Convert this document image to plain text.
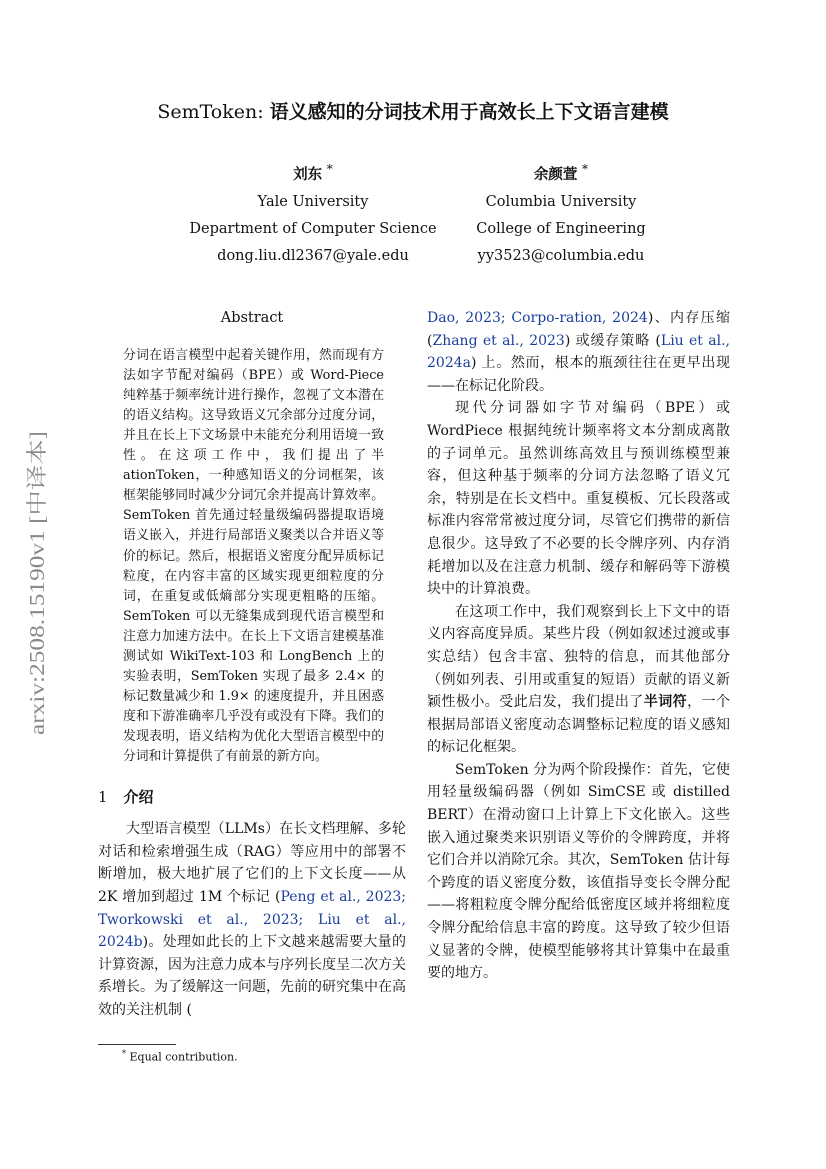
arxiv:2508.15190v1 [中译本]
SemToken: 语义感知的分词技术用于高效长上下文语言建模
刘东 *
Yale University
Department of Computer Science
dong.liu.dl2367@yale.edu
余颜萱 *
Columbia University
College of Engineering
yy3523@columbia.edu
Abstract
分词在语言模型中起着关键作用，然而现有方法如字节配对编码（BPE）或 Word-Piece 纯粹基于频率统计进行操作，忽视了文本潜在的语义结构。这导致语义冗余部分过度分词，并且在长上下文场景中未能充分利用语境一致性。在这项工作中，我们提出了半 ationToken，一种感知语义的分词框架，该框架能够同时减少分词冗余并提高计算效率。SemToken 首先通过轻量级编码器提取语境语义嵌入，并进行局部语义聚类以合并语义等价的标记。然后，根据语义密度分配异质标记粒度，在内容丰富的区域实现更细粒度的分词，在重复或低熵部分实现更粗略的压缩。SemToken 可以无缝集成到现代语言模型和注意力加速方法中。在长上下文语言建模基准测试如 WikiText-103 和 LongBench 上的实验表明，SemToken 实现了最多 2.4× 的标记数量减少和 1.9× 的速度提升，并且困惑度和下游准确率几乎没有或没有下降。我们的发现表明，语义结构为优化大型语言模型中的分词和计算提供了有前景的新方向。
1 介绍

大型语言模型（LLMs）在长文档理解、多轮对话和检索增强生成（RAG）等应用中的部署不断增加，极大地扩展了它们的上下文长度——从 2K 增加到超过 1M 个标记 (Peng et al., 2023; Tworkowski et al., 2023; Liu et al., 2024b)。处理如此长的上下文越来越需要大量的计算资源，因为注意力成本与序列长度呈二次方关系增长。为了缓解这一问题，先前的研究集中在高效的关注机制 (

Dao, 2023; Corpo-ration, 2024)、内存压缩 (Zhang et al., 2023) 或缓存策略 (Liu et al., 2024a) 上。然而，根本的瓶颈往往在更早出现——在标记化阶段。

现代分词器如字节对编码（BPE）或 WordPiece 根据纯统计频率将文本分割成离散的子词单元。虽然训练高效且与预训练模型兼容，但这种基于频率的分词方法忽略了语义冗余，特别是在长文档中。重复模板、冗长段落或标准内容常常被过度分词，尽管它们携带的新信息很少。这导致了不必要的长令牌序列、内存消耗增加以及在注意力机制、缓存和解码等下游模块中的计算浪费。

在这项工作中，我们观察到长上下文中的语义内容高度异质。某些片段（例如叙述过渡或事实总结）包含丰富、独特的信息，而其他部分（例如列表、引用或重复的短语）贡献的语义新颖性极小。受此启发，我们提出了半词符，一个根据局部语义密度动态调整标记粒度的语义感知的标记化框架。

SemToken 分为两个阶段操作：首先，它使用轻量级编码器（例如 SimCSE 或 distilled BERT）在滑动窗口上计算上下文化嵌入。这些嵌入通过聚类来识别语义等价的令牌跨度，并将它们合并以消除冗余。其次，SemToken 估计每个跨度的语义密度分数，该值指导变长令牌分配——将粗粒度令牌分配给低密度区域并将细粒度令牌分配给信息丰富的跨度。这导致了较少但语义显著的令牌，使模型能够将其计算集中在最重要的地方。

* Equal contribution.
